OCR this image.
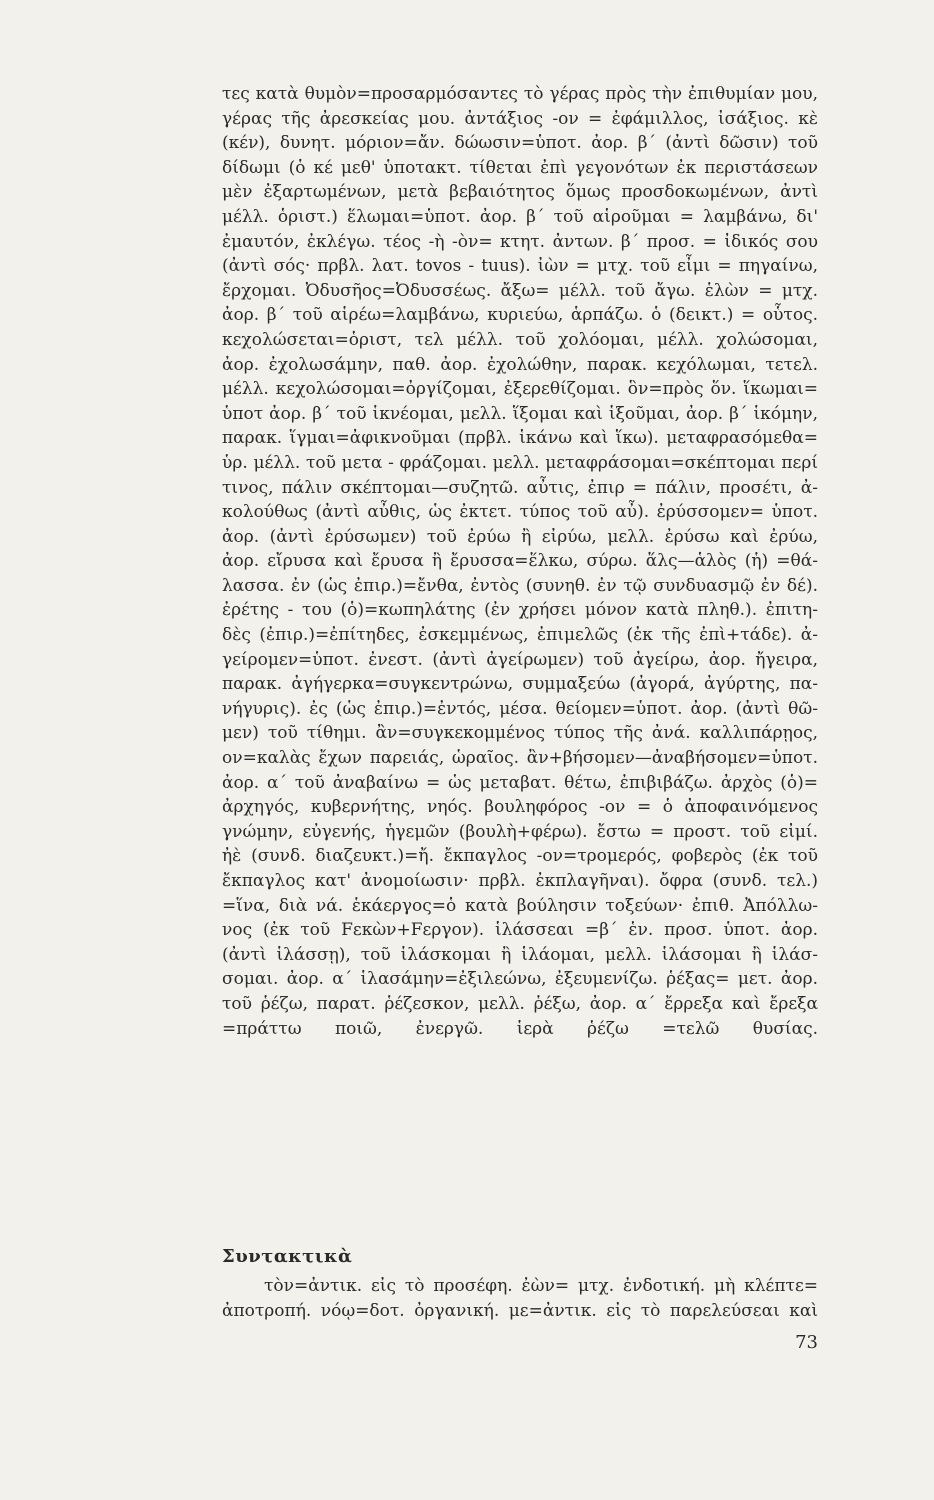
τες κατὰ θυμὸν=προσαρμόσαντες τὸ γέρας πρὸς τὴν ἐπιθυμίαν μου,
γέρας τῆς ἀρεσκείας μου. ἀντάξιος -ον = ἐφάμιλλος, ἰσάξιος. κὲ
(κέν), δυνητ. μόριον=ἄν. δώωσιν=ὑποτ. ἀορ. β΄ (ἀντὶ δῶσιν) τοῦ
δίδωμι (ὁ κέ μεθ' ὑποτακτ. τίθεται ἐπὶ γεγονότων ἐκ περιστάσεων
μὲν ἐξαρτωμένων, μετὰ βεβαιότητος ὅμως προσδοκωμένων, ἀντὶ
μέλλ. ὁριστ.) ἕλωμαι=ὑποτ. ἀορ. β΄ τοῦ αἱροῦμαι = λαμβάνω, δι'
ἐμαυτόν, ἐκλέγω. τέος -ὴ -ὸν= κτητ. ἀντων. β΄ προσ. = ἰδικός σου
(ἀντὶ σός· πρβλ. λατ. tovos - tuus). ἰὼν = μτχ. τοῦ εἶμι = πηγαίνω,
ἔρχομαι. Ὀδυσῆος=Ὀδυσσέως. ἄξω= μέλλ. τοῦ ἄγω. ἑλὼν = μτχ.
ἀορ. β΄ τοῦ αἱρέω=λαμβάνω, κυριεύω, ἁρπάζω. ὁ (δεικτ.) = οὗτος.
κεχολώσεται=ὁριστ, τελ μέλλ. τοῦ χολόομαι, μέλλ. χολώσομαι,
ἀορ. ἐχολωσάμην, παθ. ἀορ. ἐχολώθην, παρακ. κεχόλωμαι, τετελ.
μέλλ. κεχολώσομαι=ὀργίζομαι, ἐξερεθίζομαι. ὃν=πρὸς ὅν. ἵκωμαι=
ὑποτ ἀορ. β΄ τοῦ ἱκνέομαι, μελλ. ἵξομαι καὶ ἱξοῦμαι, ἀορ. β΄ ἱκόμην,
παρακ. ἵγμαι=ἀφικνοῦμαι (πρβλ. ἱκάνω καὶ ἵκω). μεταφρασόμεθα=
ὑρ. μέλλ. τοῦ μετα - φράζομαι. μελλ. μεταφράσομαι=σκέπτομαι περί
τινος, πάλιν σκέπτομαι—συζητῶ. αὖτις, ἐπιρ = πάλιν, προσέτι, ἀ-
κολούθως (ἀντὶ αὖθις, ὡς ἐκτετ. τύπος τοῦ αὖ). ἐρύσσομεν= ὑποτ.
ἀορ. (ἀντὶ ἐρύσωμεν) τοῦ ἐρύω ἢ εἰρύω, μελλ. ἐρύσω καὶ ἐρύω,
ἀορ. εἴρυσα καὶ ἔρυσα ἢ ἔρυσσα=ἕλκω, σύρω. ἅλς—ἁλὸς (ἡ) =θά-
λασσα. ἐν (ὡς ἐπιρ.)=ἔνθα, ἐντὸς (συνηθ. ἐν τῷ συνδυασμῷ ἐν δέ).
ἐρέτης - του (ὁ)=κωπηλάτης (ἐν χρήσει μόνον κατὰ πληθ.). ἐπιτη-
δὲς (ἐπιρ.)=ἐπίτηδες, ἐσκεμμένως, ἐπιμελῶς (ἐκ τῆς ἐπὶ+τάδε). ἀ-
γείρομεν=ὑποτ. ἐνεστ. (ἀντὶ ἀγείρωμεν) τοῦ ἀγείρω, ἀορ. ἤγειρα,
παρακ. ἀγήγερκα=συγκεντρώνω, συμμαξεύω (ἀγορά, ἀγύρτης, πα-
νήγυρις). ἐς (ὡς ἐπιρ.)=ἐντός, μέσα. θείομεν=ὑποτ. ἀορ. (ἀντὶ θῶ-
μεν) τοῦ τίθημι. ἂν=συγκεκομμένος τύπος τῆς ἀνά. καλλιπάρῃος,
ον=καλὰς ἔχων παρειάς, ὡραῖος. ἂν+βήσομεν—ἀναβήσομεν=ὑποτ.
ἀορ. α΄ τοῦ ἀναβαίνω = ὡς μεταβατ. θέτω, ἐπιβιβάζω. ἀρχὸς (ὁ)=
ἀρχηγός, κυβερνήτης, νηός. βουληφόρος -ον = ὁ ἀποφαινόμενος
γνώμην, εὐγενής, ἡγεμῶν (βουλὴ+φέρω). ἔστω = προστ. τοῦ εἰμί.
ἠὲ (συνδ. διαζευκτ.)=ἤ. ἔκπαγλος -ον=τρομερός, φοβερὸς (ἐκ τοῦ
ἔκπαγλος κατ' ἀνομοίωσιν· πρβλ. ἐκπλαγῆναι). ὄφρα (συνδ. τελ.)
=ἵνα, διὰ νά. ἑκάεργος=ὁ κατὰ βούλησιν τοξεύων· ἐπιθ. Ἀπόλλω-
νος (ἐκ τοῦ Fεκὼν+Fεργον). ἱλάσσεαι =β΄ ἑν. προσ. ὑποτ. ἀορ.
(ἀντὶ ἱλάσσῃ), τοῦ ἱλάσκομαι ἢ ἱλάομαι, μελλ. ἱλάσομαι ἢ ἱλάσ-
σομαι. ἀορ. α΄ ἱλασάμην=ἐξιλεώνω, ἐξευμενίζω. ῥέξας= μετ. ἀορ.
τοῦ ῥέζω, παρατ. ῥέζεσκον, μελλ. ῥέξω, ἀορ. α΄ ἔρρεξα καὶ ἔρεξα
=πράττω ποιῶ, ἐνεργῶ. ἱερὰ ῥέζω =τελῶ θυσίας.
Συντακτικὰ
τὸν=ἀντικ. εἰς τὸ προσέφη. ἐὼν= μτχ. ἐνδοτική. μὴ κλέπτε=
ἀποτροπή. νόῳ=δοτ. ὀργανική. με=ἀντικ. εἰς τὸ παρελεύσεαι καὶ
73
